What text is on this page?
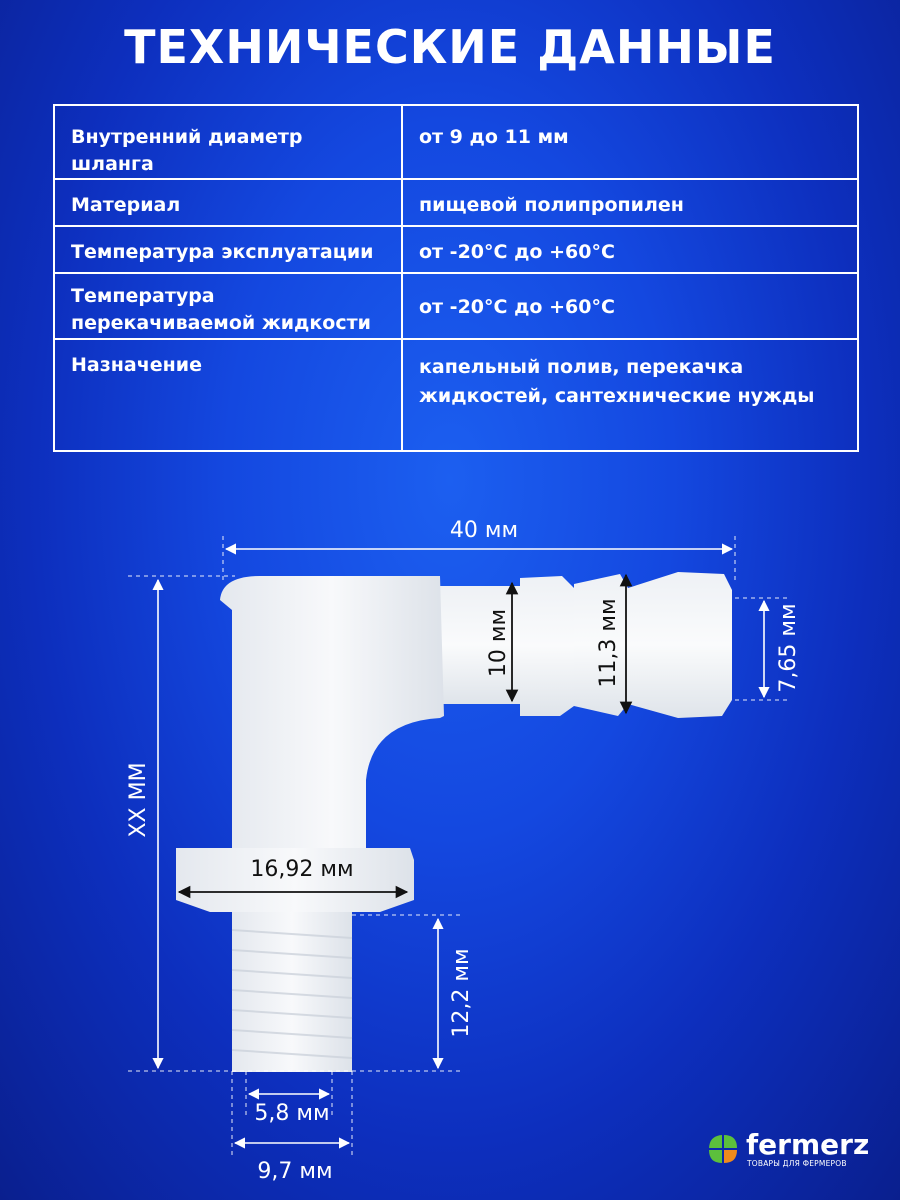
ТЕХНИЧЕСКИЕ ДАННЫЕ
Внутренний диаметр шланга	от 9 до 11 мм
Материал	пищевой полипропилен
Температура эксплуатации	от -20°С до +60°С
Температура перекачиваемой жидкости	от -20°С до +60°С
Назначение	капельный полив, перекачка жидкостей, сантехнические нужды
40 мм
XX MM
10 мм	11,3 мм	7,65 мм
16,92 мм
12,2 мм
5,8 мм
9,7 мм
fermerz
ТОВАРЫ ДЛЯ ФЕРМЕРОВ
